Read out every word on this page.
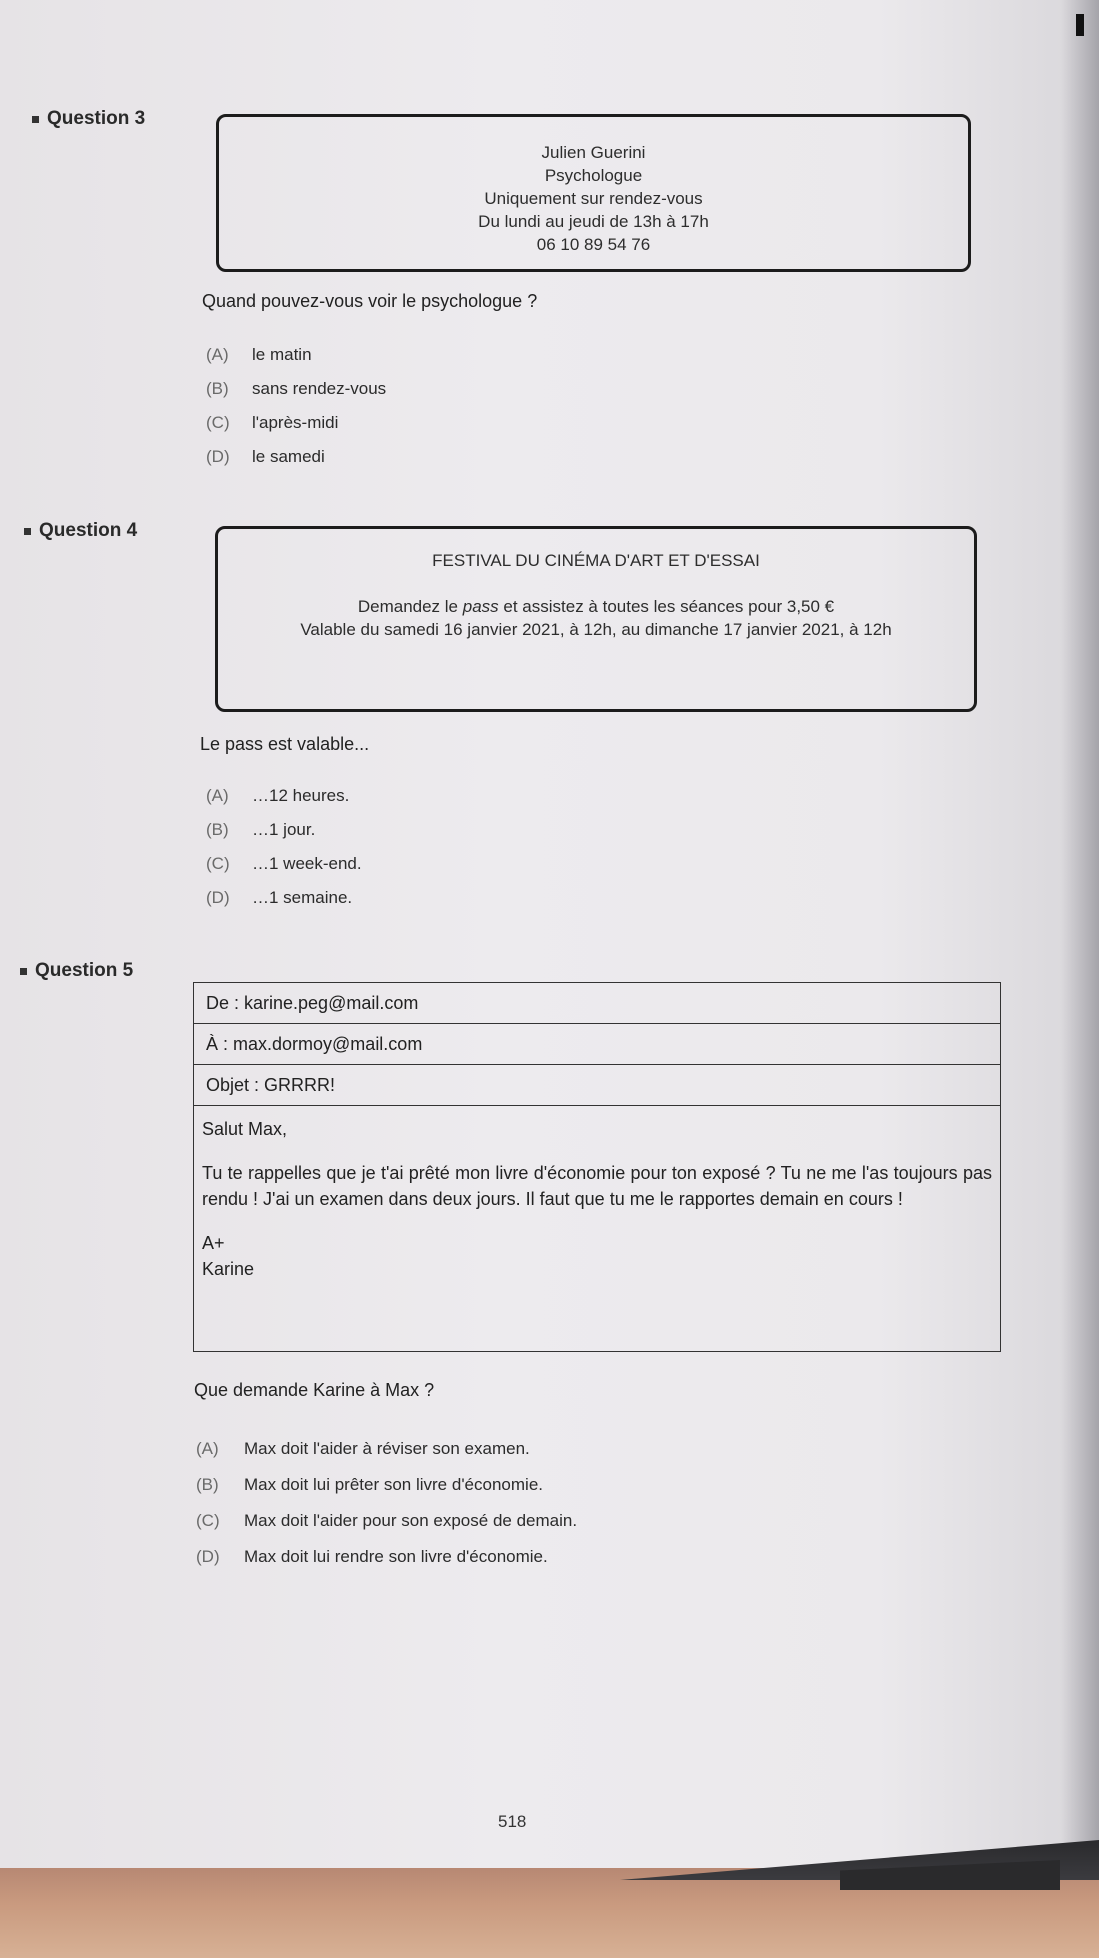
Question 3
Julien Guerini
Psychologue
Uniquement sur rendez-vous
Du lundi au jeudi de 13h à 17h
06 10 89 54 76
Quand pouvez-vous voir le psychologue ?
(A)	le matin
(B)	sans rendez-vous
(C)	l'après-midi
(D)	le samedi
Question 4
FESTIVAL DU CINÉMA D'ART ET D'ESSAI
Demandez le pass et assistez à toutes les séances pour 3,50 €
Valable du samedi 16 janvier 2021, à 12h, au dimanche 17 janvier 2021, à 12h
Le pass est valable...
(A)	…12 heures.
(B)	…1 jour.
(C)	…1 week-end.
(D)	…1 semaine.
Question 5
De : karine.peg@mail.com
À : max.dormoy@mail.com
Objet : GRRRR!

Salut Max,

Tu te rappelles que je t'ai prêté mon livre d'économie pour ton exposé ? Tu ne me l'as toujours pas rendu ! J'ai un examen dans deux jours. Il faut que tu me le rapportes demain en cours !

A+
Karine
Que demande Karine à Max ?
(A)	Max doit l'aider à réviser son examen.
(B)	Max doit lui prêter son livre d'économie.
(C)	Max doit l'aider pour son exposé de demain.
(D)	Max doit lui rendre son livre d'économie.
518
